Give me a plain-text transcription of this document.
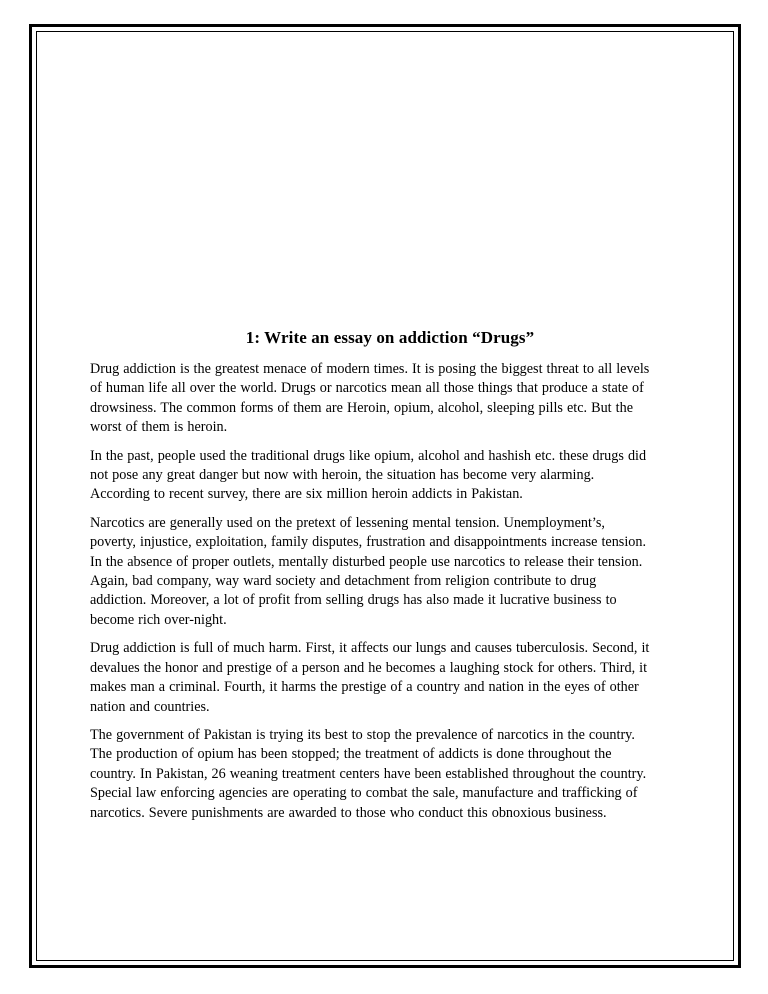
1: Write an essay on addiction “Drugs”

Drug addiction is the greatest menace of modern times. It is posing the biggest threat to all levels
of human life all over the world. Drugs or narcotics mean all those things that produce a state of
drowsiness. The common forms of them are Heroin, opium, alcohol, sleeping pills etc. But the
worst of them is heroin.

In the past, people used the traditional drugs like opium, alcohol and hashish etc. these drugs did
not pose any great danger but now with heroin, the situation has become very alarming.
According to recent survey, there are six million heroin addicts in Pakistan.

Narcotics are generally used on the pretext of lessening mental tension. Unemployment’s,
poverty, injustice, exploitation, family disputes, frustration and disappointments increase tension.
In the absence of proper outlets, mentally disturbed people use narcotics to release their tension.
Again, bad company, way ward society and detachment from religion contribute to drug
addiction. Moreover, a lot of profit from selling drugs has also made it lucrative business to
become rich over-night.

Drug addiction is full of much harm. First, it affects our lungs and causes tuberculosis. Second, it
devalues the honor and prestige of a person and he becomes a laughing stock for others. Third, it
makes man a criminal. Fourth, it harms the prestige of a country and nation in the eyes of other
nation and countries.

The government of Pakistan is trying its best to stop the prevalence of narcotics in the country.
The production of opium has been stopped; the treatment of addicts is done throughout the
country. In Pakistan, 26 weaning treatment centers have been established throughout the country.
Special law enforcing agencies are operating to combat the sale, manufacture and trafficking of
narcotics. Severe punishments are awarded to those who conduct this obnoxious business.
